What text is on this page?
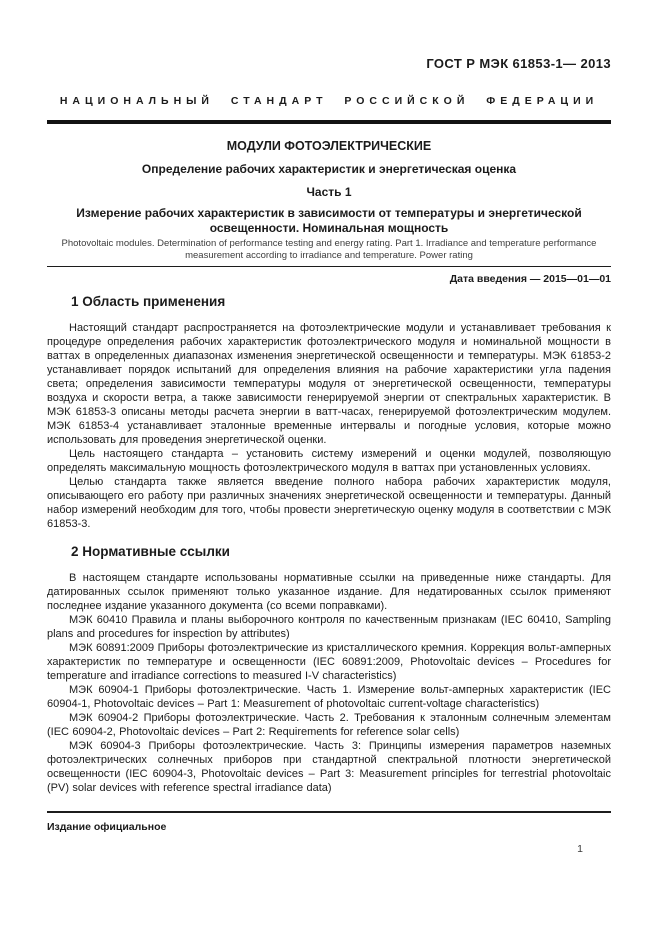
ГОСТ Р МЭК 61853-1— 2013
НАЦИОНАЛЬНЫЙ СТАНДАРТ РОССИЙСКОЙ ФЕДЕРАЦИИ
МОДУЛИ ФОТОЭЛЕКТРИЧЕСКИЕ
Определение рабочих характеристик и энергетическая оценка
Часть 1
Измерение рабочих характеристик в зависимости от температуры и энергетической освещенности. Номинальная мощность
Photovoltaic modules. Determination of performance testing and energy rating. Part 1. Irradiance and temperature performance measurement according to irradiance and temperature. Power rating
Дата введения — 2015—01—01
1 Область применения

Настоящий стандарт распространяется на фотоэлектрические модули и устанавливает требования к процедуре определения рабочих характеристик фотоэлектрического модуля и номинальной мощности в ваттах в определенных диапазонах изменения энергетической освещенности и температуры. МЭК 61853-2 устанавливает порядок испытаний для определения влияния на рабочие характеристики угла падения света; определения зависимости температуры модуля от энергетической освещенности, температуры воздуха и скорости ветра, а также зависимости генерируемой энергии от спектральных характеристик. В МЭК 61853-3 описаны методы расчета энергии в ватт-часах, генерируемой фотоэлектрическим модулем. МЭК 61853-4 устанавливает эталонные временные интервалы и погодные условия, которые можно использовать для проведения энергетической оценки.

Цель настоящего стандарта – установить систему измерений и оценки модулей, позволяющую определять максимальную мощность фотоэлектрического модуля в ваттах при установленных условиях.

Целью стандарта также является введение полного набора рабочих характеристик модуля, описывающего его работу при различных значениях энергетической освещенности и температуры. Данный набор измерений необходим для того, чтобы провести энергетическую оценку модуля в соответствии с МЭК 61853-3.

2 Нормативные ссылки

В настоящем стандарте использованы нормативные ссылки на приведенные ниже стандарты. Для датированных ссылок применяют только указанное издание. Для недатированных ссылок применяют последнее издание указанного документа (со всеми поправками).

МЭК 60410 Правила и планы выборочного контроля по качественным признакам (IEC 60410, Sampling plans and procedures for inspection by attributes)

МЭК 60891:2009 Приборы фотоэлектрические из кристаллического кремния. Коррекция вольт-амперных характеристик по температуре и освещенности (IEC 60891:2009, Photovoltaic devices – Procedures for temperature and irradiance corrections to measured I-V characteristics)

МЭК 60904-1 Приборы фотоэлектрические. Часть 1. Измерение вольт-амперных характеристик (IEC 60904-1, Photovoltaic devices – Part 1: Measurement of photovoltaic current-voltage characteristics)

МЭК 60904-2 Приборы фотоэлектрические. Часть 2. Требования к эталонным солнечным элементам (IEC 60904-2, Photovoltaic devices – Part 2: Requirements for reference solar cells)

МЭК 60904-3 Приборы фотоэлектрические. Часть 3: Принципы измерения параметров наземных фотоэлектрических солнечных приборов при стандартной спектральной плотности энергетической освещенности (IEC 60904-3, Photovoltaic devices – Part 3: Measurement principles for terrestrial photovoltaic (PV) solar devices with reference spectral irradiance data)

Издание официальное
1
